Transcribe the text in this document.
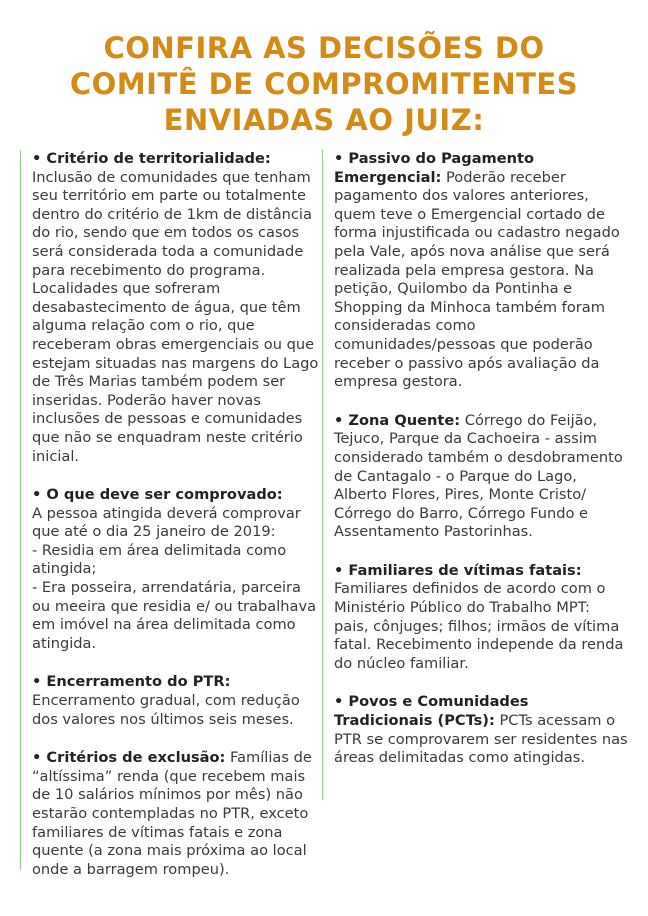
CONFIRA AS DECISÕES DO
COMITÊ DE COMPROMITENTES
ENVIADAS AO JUIZ:

• Critério de territorialidade:

Inclusão de comunidades que tenham seu território em parte ou totalmente dentro do critério de 1km de distância do rio, sendo que em todos os casos será considerada toda a comunidade para recebimento do programa. Localidades que sofreram desabastecimento de água, que têm alguma relação com o rio, que receberam obras emergenciais ou que estejam situadas nas margens do Lago de Três Marias também podem ser inseridas. Poderão haver novas inclusões de pessoas e comunidades que não se enquadram neste critério inicial.

• O que deve ser comprovado:

A pessoa atingida deverá comprovar que até o dia 25 janeiro de 2019:

- Residia em área delimitada como atingida;

- Era posseira, arrendatária, parceira ou meeira que residia e/ ou trabalhava em imóvel na área delimitada como atingida.

• Encerramento do PTR:

Encerramento gradual, com redução dos valores nos últimos seis meses.

• Critérios de exclusão: Famílias de “altíssima” renda (que recebem mais de 10 salários mínimos por mês) não estarão contempladas no PTR, exceto familiares de vítimas fatais e zona quente (a zona mais próxima ao local onde a barragem rompeu).

• Passivo do Pagamento Emergencial: Poderão receber pagamento dos valores anteriores, quem teve o Emergencial cortado de forma injustificada ou cadastro negado pela Vale, após nova análise que será realizada pela empresa gestora. Na petição, Quilombo da Pontinha e Shopping da Minhoca também foram consideradas como comunidades/pessoas que poderão receber o passivo após avaliação da empresa gestora.

• Zona Quente: Córrego do Feijão, Tejuco, Parque da Cachoeira - assim considerado também o desdobramento de Cantagalo - o Parque do Lago, Alberto Flores, Pires, Monte Cristo/ Córrego do Barro, Córrego Fundo e Assentamento Pastorinhas.

• Familiares de vítimas fatais:

Familiares definidos de acordo com o Ministério Público do Trabalho MPT: pais, cônjuges; filhos; irmãos de vítima fatal. Recebimento independe da renda do núcleo familiar.

• Povos e Comunidades Tradicionais (PCTs): PCTs acessam o PTR se comprovarem ser residentes nas áreas delimitadas como atingidas.
